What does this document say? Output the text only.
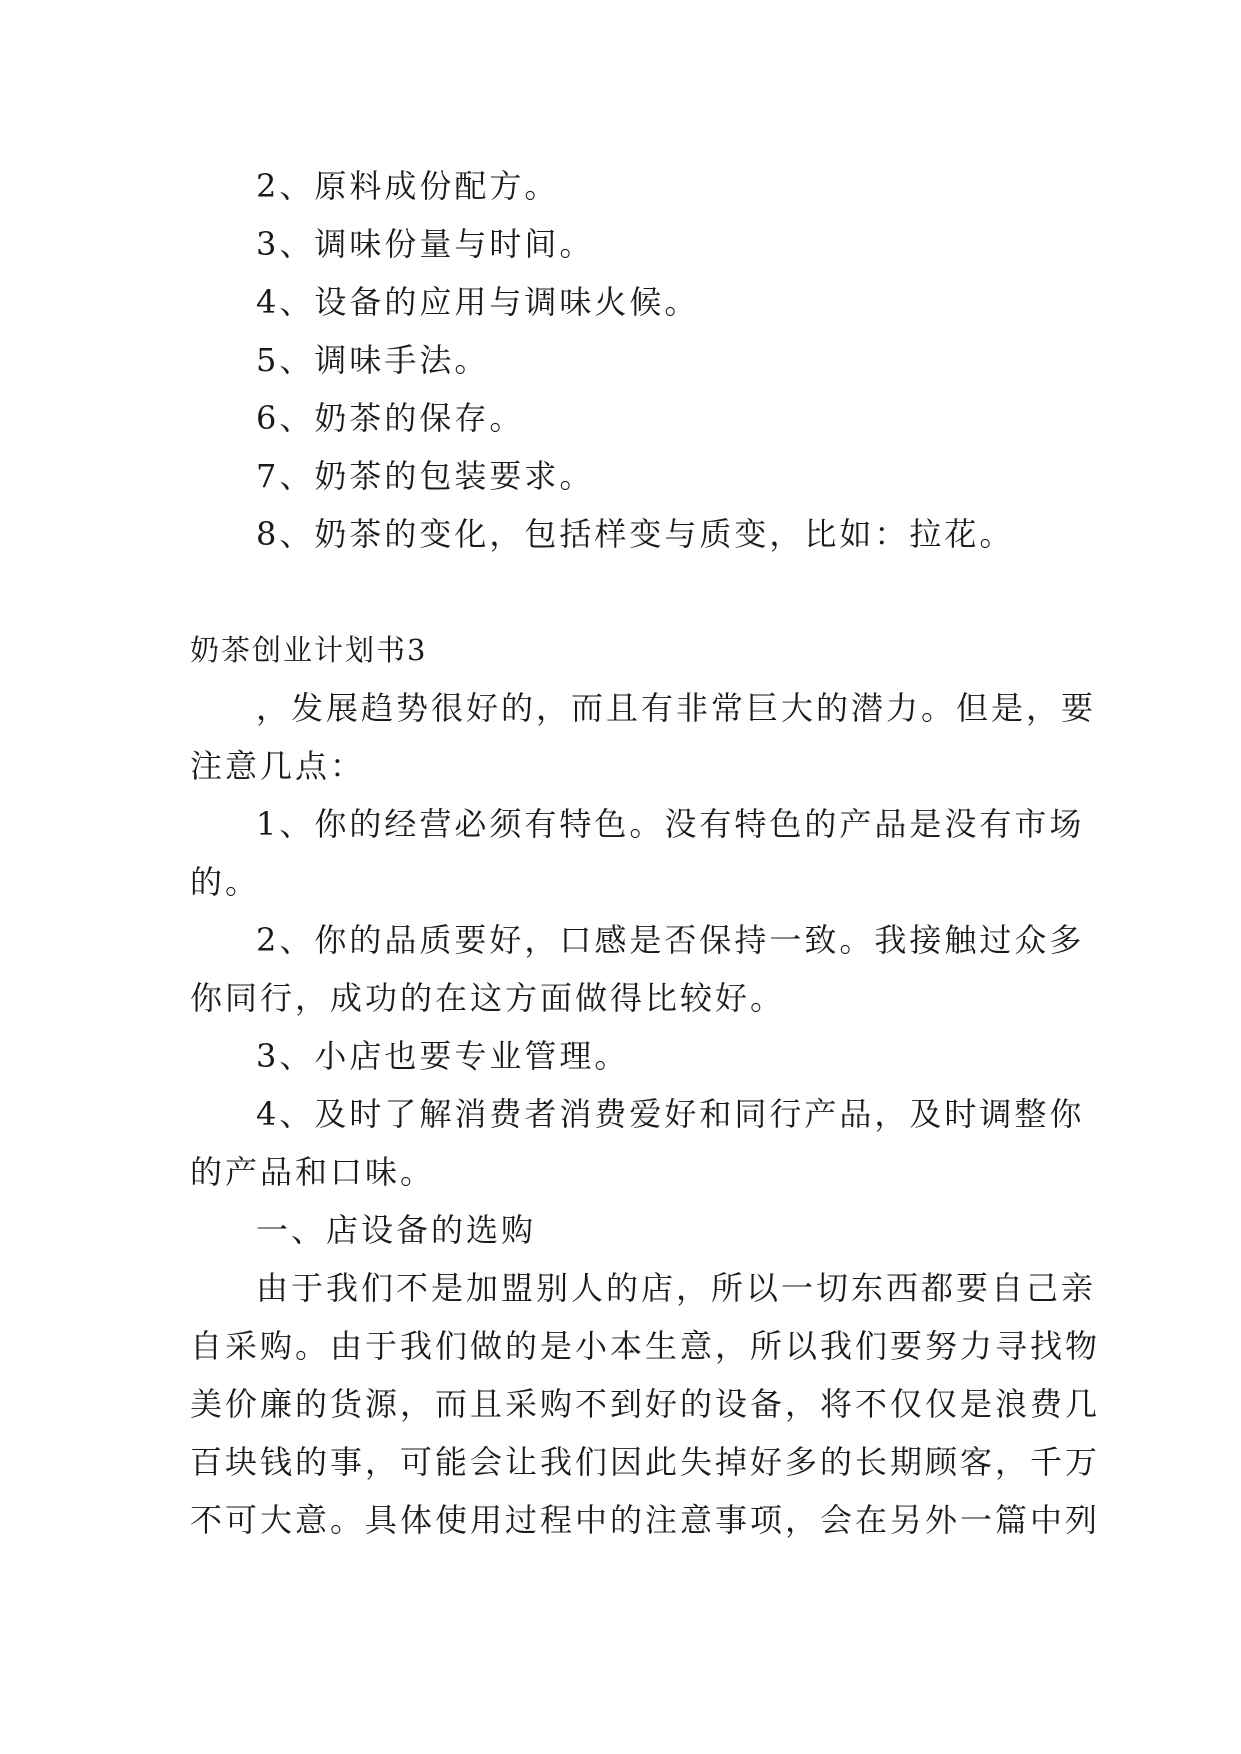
2、原料成份配方。
3、调味份量与时间。
4、设备的应用与调味火候。
5、调味手法。
6、奶茶的保存。
7、奶茶的包装要求。
8、奶茶的变化，包括样变与质变，比如：拉花。
奶茶创业计划书3
，发展趋势很好的，而且有非常巨大的潜力。但是，要
注意几点：
1、你的经营必须有特色。没有特色的产品是没有市场
的。
2、你的品质要好，口感是否保持一致。我接触过众多
你同行，成功的在这方面做得比较好。
3、小店也要专业管理。
4、及时了解消费者消费爱好和同行产品，及时调整你
的产品和口味。
一、店设备的选购
由于我们不是加盟别人的店，所以一切东西都要自己亲
自采购。由于我们做的是小本生意，所以我们要努力寻找物
美价廉的货源，而且采购不到好的设备，将不仅仅是浪费几
百块钱的事，可能会让我们因此失掉好多的长期顾客，千万
不可大意。具体使用过程中的注意事项，会在另外一篇中列
